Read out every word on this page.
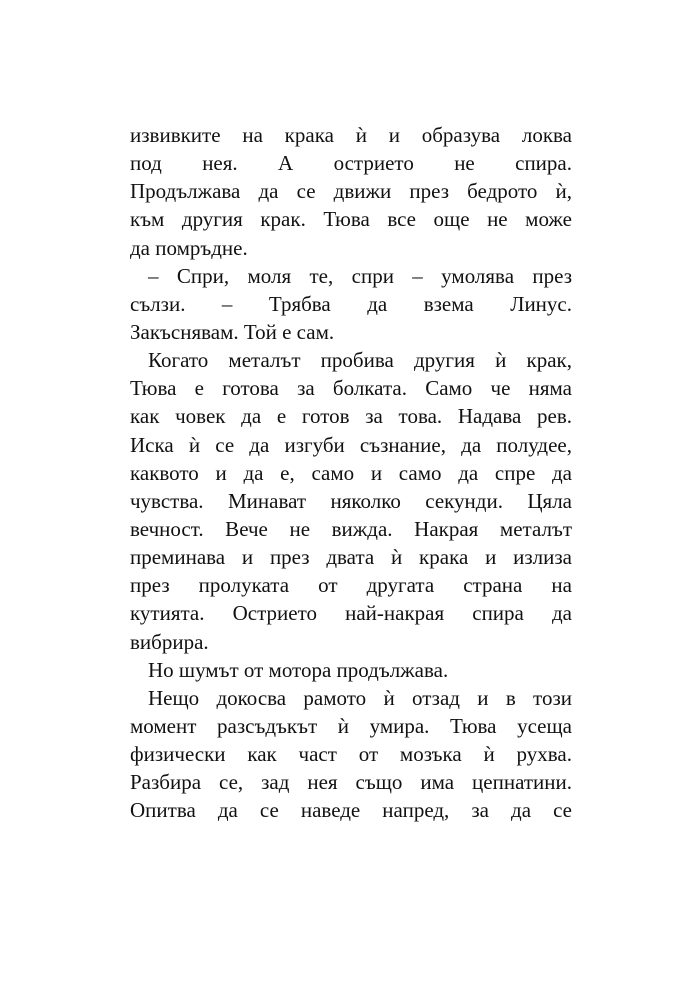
извивките на крака ѝ и образува локва
под нея. А острието не спира.
Продължава да се движи през бедрото ѝ,
към другия крак. Тюва все още не може
да помръдне.
– Спри, моля те, спри – умолява през
сълзи. – Трябва да взема Линус.
Закъснявам. Той е сам.
Когато металът пробива другия ѝ крак,
Тюва е готова за болката. Само че няма
как човек да е готов за това. Надава рев.
Иска ѝ се да изгуби съзнание, да полудее,
каквото и да е, само и само да спре да
чувства. Минават няколко секунди. Цяла
вечност. Вече не вижда. Накрая металът
преминава и през двата ѝ крака и излиза
през пролуката от другата страна на
кутията. Острието най-накрая спира да
вибрира.
Но шумът от мотора продължава.
Нещо докосва рамото ѝ отзад и в този
момент разсъдъкът ѝ умира. Тюва усеща
физически как част от мозъка ѝ рухва.
Разбира се, зад нея също има цепнатини.
Опитва да се наведе напред, за да се
